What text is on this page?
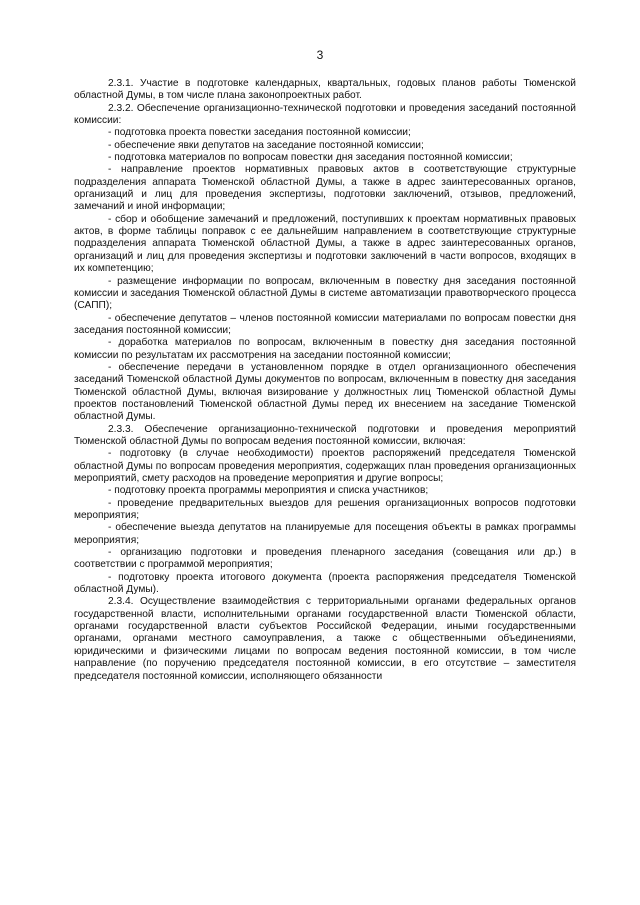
3

2.3.1. Участие в подготовке календарных, квартальных, годовых планов работы Тюменской областной Думы, в том числе плана законопроектных работ.

2.3.2. Обеспечение организационно-технической подготовки и проведения заседаний постоянной комиссии:

- подготовка проекта повестки заседания постоянной комиссии;

- обеспечение явки депутатов на заседание постоянной комиссии;

- подготовка материалов по вопросам повестки дня заседания постоянной комиссии;

- направление проектов нормативных правовых актов в соответствующие структурные подразделения аппарата Тюменской областной Думы, а также в адрес заинтересованных органов, организаций и лиц для проведения экспертизы, подготовки заключений, отзывов, предложений, замечаний и иной информации;

- сбор и обобщение замечаний и предложений, поступивших к проектам нормативных правовых актов, в форме таблицы поправок с ее дальнейшим направлением в соответствующие структурные подразделения аппарата Тюменской областной Думы, а также в адрес заинтересованных органов, организаций и лиц для проведения экспертизы и подготовки заключений в части вопросов, входящих в их компетенцию;

- размещение информации по вопросам, включенным в повестку дня заседания постоянной комиссии и заседания Тюменской областной Думы в системе автоматизации правотворческого процесса (САПП);

- обеспечение депутатов – членов постоянной комиссии материалами по вопросам повестки дня заседания постоянной комиссии;

- доработка материалов по вопросам, включенным в повестку дня заседания постоянной комиссии по результатам их рассмотрения на заседании постоянной комиссии;

- обеспечение передачи в установленном порядке в отдел организационного обеспечения заседаний Тюменской областной Думы документов по вопросам, включенным в повестку дня заседания Тюменской областной Думы, включая визирование у должностных лиц Тюменской областной Думы проектов постановлений Тюменской областной Думы перед их внесением на заседание Тюменской областной Думы.

2.3.3. Обеспечение организационно-технической подготовки и проведения мероприятий Тюменской областной Думы по вопросам ведения постоянной комиссии, включая:

- подготовку (в случае необходимости) проектов распоряжений председателя Тюменской областной Думы по вопросам проведения мероприятия, содержащих план проведения организационных мероприятий, смету расходов на проведение мероприятия и другие вопросы;

- подготовку проекта программы мероприятия и списка участников;

- проведение предварительных выездов для решения организационных вопросов подготовки мероприятия;

- обеспечение выезда депутатов на планируемые для посещения объекты в рамках программы мероприятия;

- организацию подготовки и проведения пленарного заседания (совещания или др.) в соответствии с программой мероприятия;

- подготовку проекта итогового документа (проекта распоряжения председателя Тюменской областной Думы).

2.3.4. Осуществление взаимодействия с территориальными органами федеральных органов государственной власти, исполнительными органами государственной власти Тюменской области, органами государственной власти субъектов Российской Федерации, иными государственными органами, органами местного самоуправления, а также с общественными объединениями, юридическими и физическими лицами по вопросам ведения постоянной комиссии, в том числе направление (по поручению председателя постоянной комиссии, в его отсутствие – заместителя председателя постоянной комиссии, исполняющего обязанности
